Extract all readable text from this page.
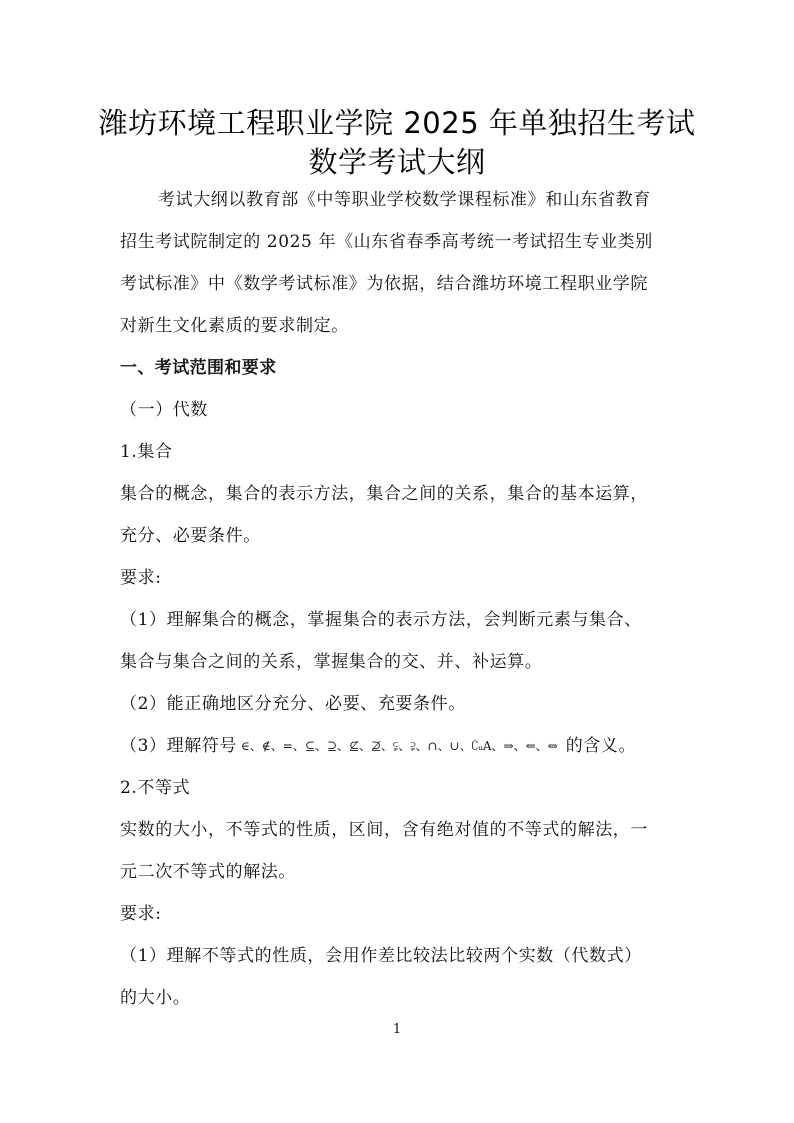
潍坊环境工程职业学院 2025 年单独招生考试
数学考试大纲
考试大纲以教育部《中等职业学校数学课程标准》和山东省教育
招生考试院制定的 2025 年《山东省春季高考统一考试招生专业类别
考试标准》中《数学考试标准》为依据，结合潍坊环境工程职业学院
对新生文化素质的要求制定。
一、考试范围和要求
（一）代数
1.集合
集合的概念，集合的表示方法，集合之间的关系，集合的基本运算，
充分、必要条件。
要求:
（1）理解集合的概念，掌握集合的表示方法，会判断元素与集合、
集合与集合之间的关系，掌握集合的交、并、补运算。
（2）能正确地区分充分、必要、充要条件。
（3）理解符号 ∈、∉、=、⊆、⊇、⊈、⊉、⫋、⫌、∩、∪、∁ᵤA、⇒、⇐、⇔ 的含义。
2.不等式
实数的大小，不等式的性质，区间，含有绝对值的不等式的解法，一
元二次不等式的解法。
要求:
（1）理解不等式的性质，会用作差比较法比较两个实数（代数式）
的大小。
1
